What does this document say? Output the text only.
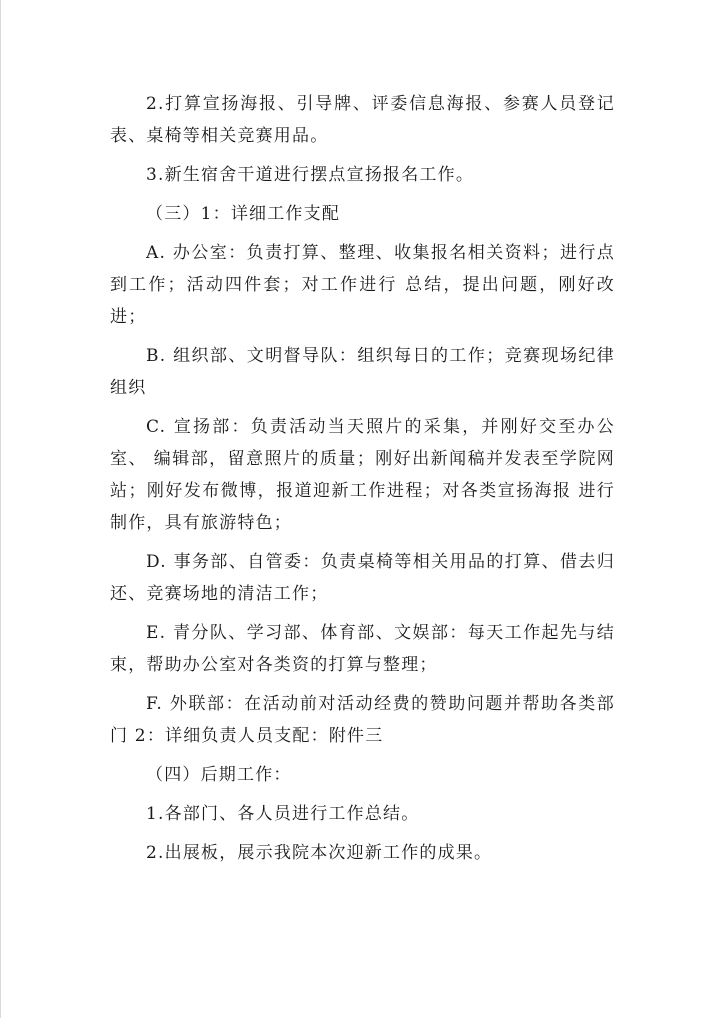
2.打算宣扬海报、引导牌、评委信息海报、参赛人员登记表、桌椅等相关竞赛用品。

3.新生宿舍干道进行摆点宣扬报名工作。

（三）1：详细工作支配

A. 办公室：负责打算、整理、收集报名相关资料；进行点到工作；活动四件套；对工作进行 总结，提出问题，刚好改进；

B. 组织部、文明督导队：组织每日的工作；竞赛现场纪律组织

C. 宣扬部：负责活动当天照片的采集，并刚好交至办公室、 编辑部，留意照片的质量；刚好出新闻稿并发表至学院网站；刚好发布微博，报道迎新工作进程；对各类宣扬海报 进行制作，具有旅游特色；

D. 事务部、自管委：负责桌椅等相关用品的打算、借去归还、竞赛场地的清洁工作；

E. 青分队、学习部、体育部、文娱部：每天工作起先与结束，帮助办公室对各类资的打算与整理；

F. 外联部：在活动前对活动经费的赞助问题并帮助各类部门 2：详细负责人员支配：附件三

（四）后期工作：

1.各部门、各人员进行工作总结。

2.出展板，展示我院本次迎新工作的成果。
